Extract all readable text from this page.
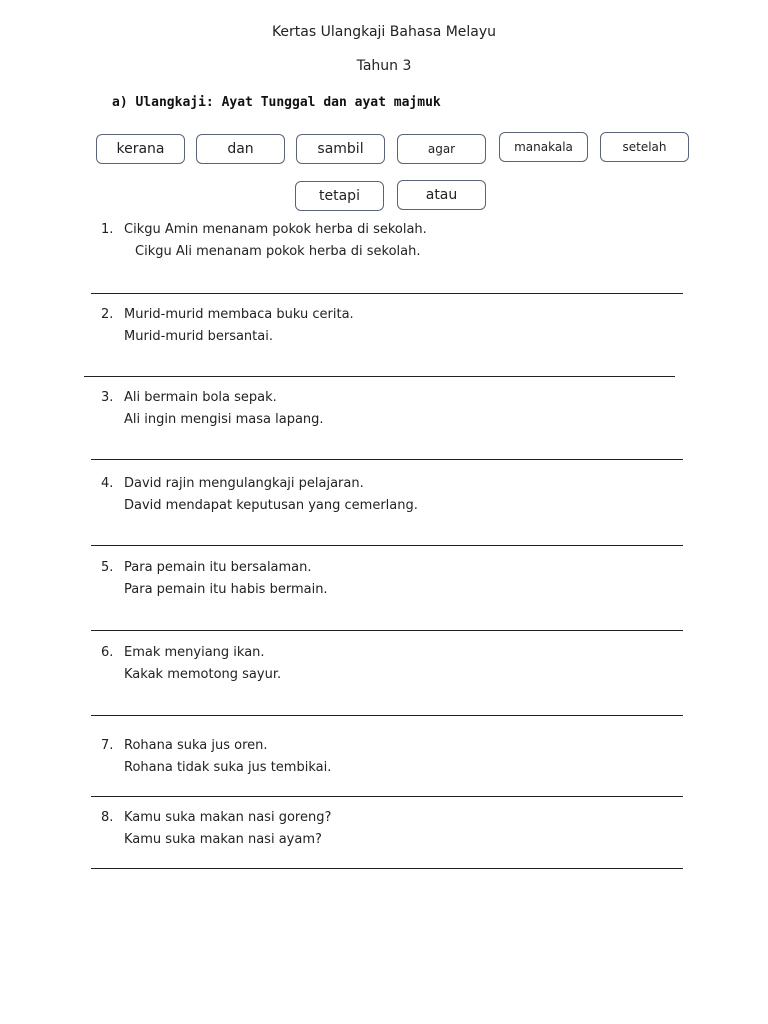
Kertas Ulangkaji Bahasa Melayu
Tahun 3
a) Ulangkaji: Ayat Tunggal dan ayat majmuk
kerana	dan	sambil	agar	manakala	setelah
tetapi	atau
1. Cikgu Amin menanam pokok herba di sekolah.
Cikgu Ali menanam pokok herba di sekolah.
2. Murid-murid membaca buku cerita.
Murid-murid bersantai.
3. Ali bermain bola sepak.
Ali ingin mengisi masa lapang.
4. David rajin mengulangkaji pelajaran.
David mendapat keputusan yang cemerlang.
5. Para pemain itu bersalaman.
Para pemain itu habis bermain.
6. Emak menyiang ikan.
Kakak memotong sayur.
7. Rohana suka jus oren.
Rohana tidak suka jus tembikai.
8. Kamu suka makan nasi goreng?
Kamu suka makan nasi ayam?
